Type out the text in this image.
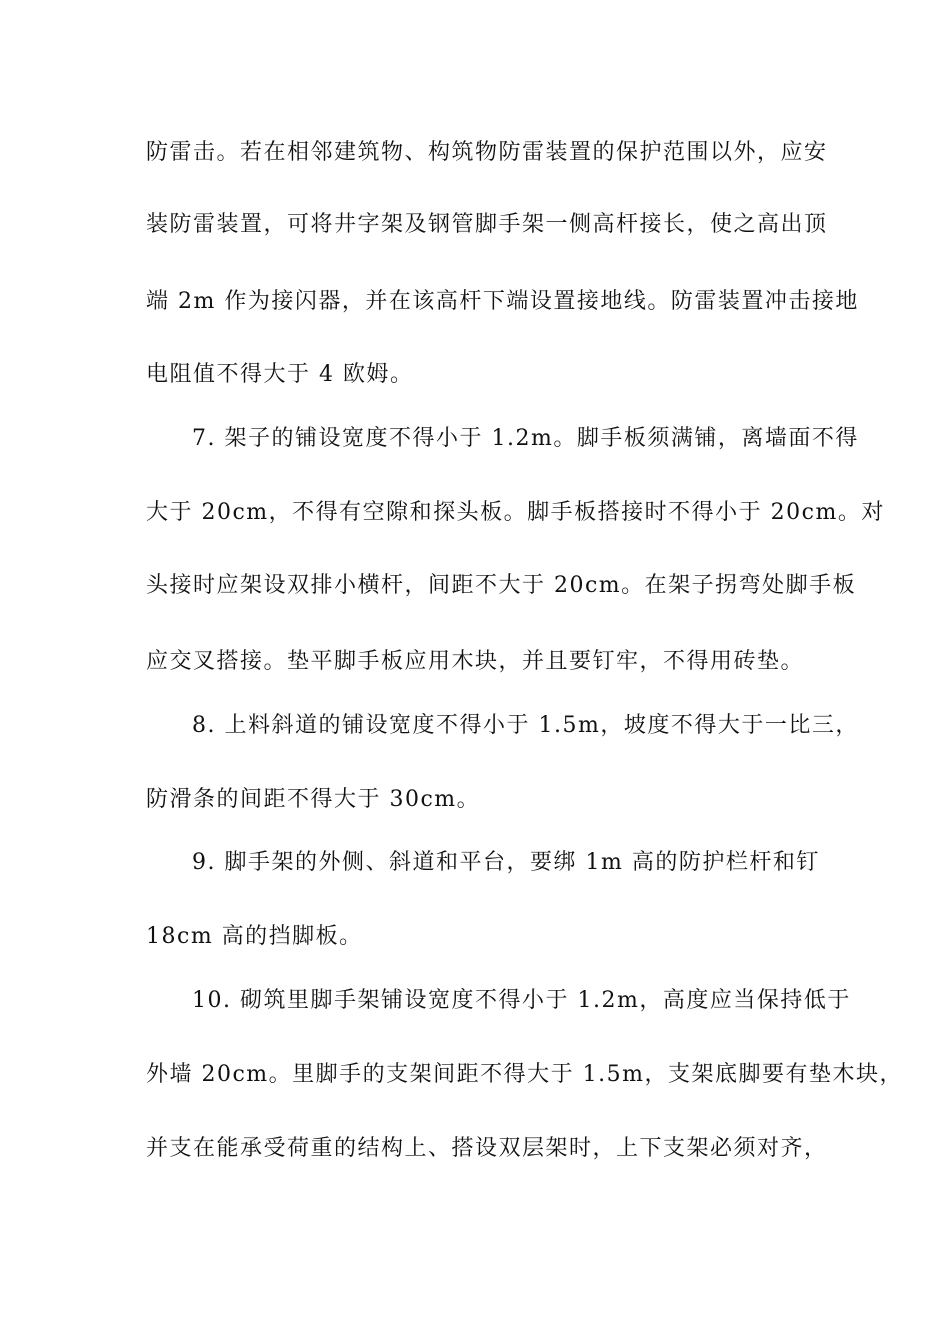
防雷击。若在相邻建筑物、构筑物防雷装置的保护范围以外，应安
装防雷装置，可将井字架及钢管脚手架一侧高杆接长，使之高出顶
端 2m 作为接闪器，并在该高杆下端设置接地线。防雷装置冲击接地
电阻值不得大于 4 欧姆。
7. 架子的铺设宽度不得小于 1.2m。脚手板须满铺，离墙面不得
大于 20cm，不得有空隙和探头板。脚手板搭接时不得小于 20cm。对
头接时应架设双排小横杆，间距不大于 20cm。在架子拐弯处脚手板
应交叉搭接。垫平脚手板应用木块，并且要钉牢，不得用砖垫。
8. 上料斜道的铺设宽度不得小于 1.5m，坡度不得大于一比三，
防滑条的间距不得大于 30cm。
9. 脚手架的外侧、斜道和平台，要绑 1m 高的防护栏杆和钉
18cm 高的挡脚板。
10. 砌筑里脚手架铺设宽度不得小于 1.2m，高度应当保持低于
外墙 20cm。里脚手的支架间距不得大于 1.5m，支架底脚要有垫木块，
并支在能承受荷重的结构上、搭设双层架时，上下支架必须对齐，
